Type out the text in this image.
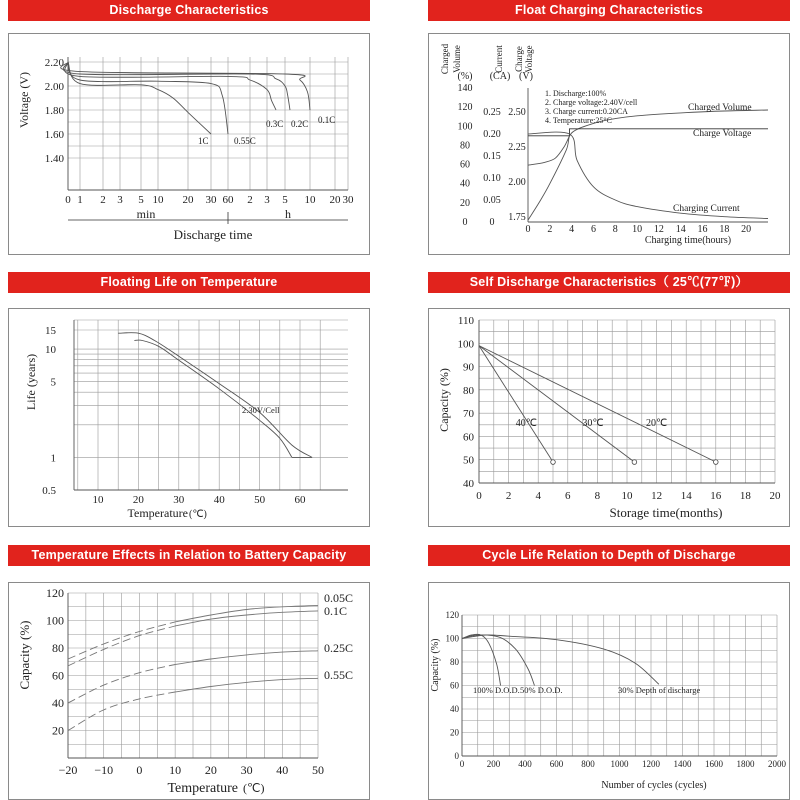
Discharge Characteristics
2.20
2.00
1.80
1.60
1.40
Voltage (V)
0 1 2 3 5 10 20 30 60 2 3 5 10 20 30
min	h
Discharge time
1C	0.55C
0.3C 0.2C 0.1C
Float Charging Characteristics
140
120
100
80
60
40
20
0
0.25
0.20
0.15
0.10
0.05
0
2.50
2.25
2.00
1.75
Charged Volume
(%)
Current
(CA)
Charge Voltage
(V)
0 2 4 6 8 10 12 14 16 18 20
Charging time(hours)
1. Discharge:100%
2. Charge voltage:2.40V/cell
3. Charge current:0.20CA
4. Temperature:25°C
Charged Volume
Charge Voltage
Charging Current
Floating Life on Temperature
15
10
5
1
0.5
Life (years)
10	20	30	40	50	60
Temperature (℃)
2.30V/Cell
Self Discharge Characteristics（ 25℃(77℉)）
110
100
90
80
70
60
50
40
Capacity (%)
0 2 4 6 8 10 12 14 16 18 20
Storage time(months)
40℃	30℃	20℃
Temperature Effects in Relation to Battery Capacity
120
100
80
60
40
20
Capacity (%)
−20 −10 0 10 20 30 40 50
Temperature (℃)
0.05C
0.1C
0.25C
0.55C
Cycle Life Relation to Depth of Discharge
120
100
80
60
40
20
0
Capacity (%)
0	200 400 600 800 1000 1200 1400 1600 1800 2000
Number of cycles (cycles)
100% D.O.D. 50% D.O.D.	30% Depth of discharge
